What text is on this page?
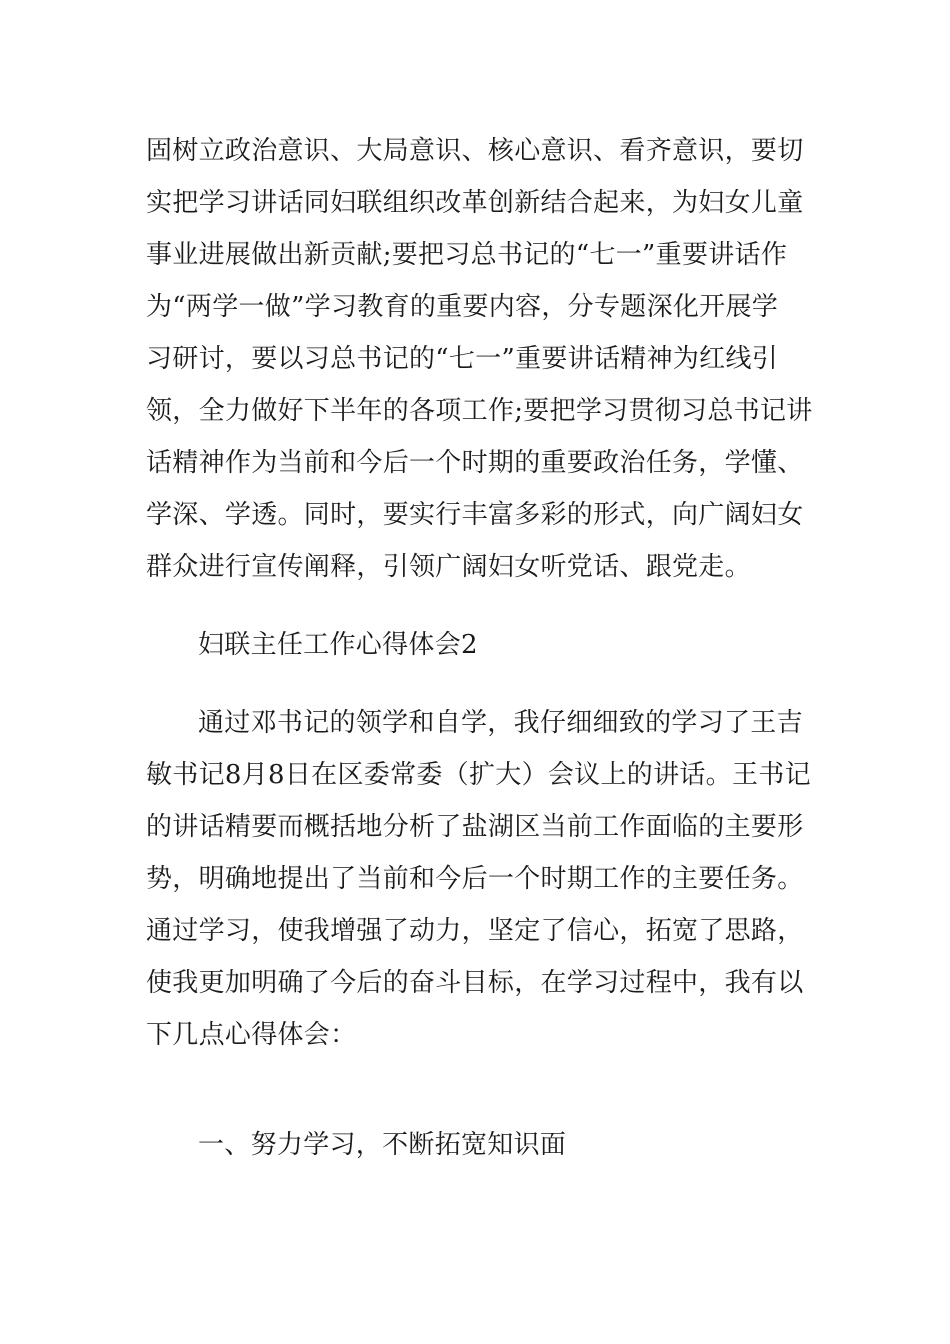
固树立政治意识、大局意识、核心意识、看齐意识，要切
实把学习讲话同妇联组织改革创新结合起来，为妇女儿童
事业进展做出新贡献;要把习总书记的“七一”重要讲话作
为“两学一做”学习教育的重要内容，分专题深化开展学
习研讨，要以习总书记的“七一”重要讲话精神为红线引
领，全力做好下半年的各项工作;要把学习贯彻习总书记讲
话精神作为当前和今后一个时期的重要政治任务，学懂、
学深、学透。同时，要实行丰富多彩的形式，向广阔妇女
群众进行宣传阐释，引领广阔妇女听党话、跟党走。
妇联主任工作心得体会2
通过邓书记的领学和自学，我仔细细致的学习了王吉
敏书记8月8日在区委常委（扩大）会议上的讲话。王书记
的讲话精要而概括地分析了盐湖区当前工作面临的主要形
势，明确地提出了当前和今后一个时期工作的主要任务。
通过学习，使我增强了动力，坚定了信心，拓宽了思路，
使我更加明确了今后的奋斗目标，在学习过程中，我有以
下几点心得体会：
一、努力学习，不断拓宽知识面
